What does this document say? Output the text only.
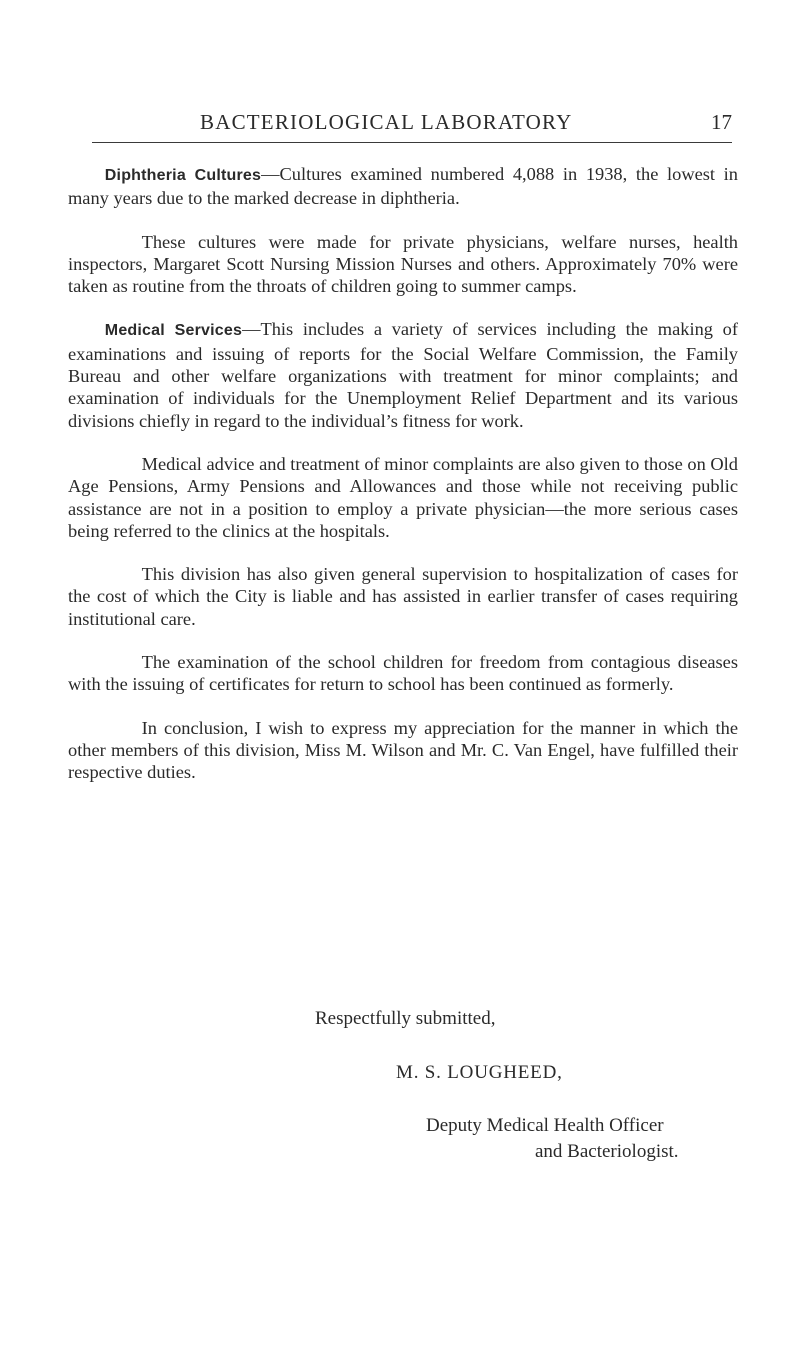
BACTERIOLOGICAL LABORATORY	17

Diphtheria Cultures—Cultures examined numbered 4,088 in 1938, the lowest in many years due to the marked decrease in diphtheria.

These cultures were made for private physicians, welfare nurses, health inspectors, Margaret Scott Nursing Mission Nurses and others. Approximately 70% were taken as routine from the throats of children going to summer camps.

Medical Services—This includes a variety of services including the making of examinations and issuing of reports for the Social Welfare Commission, the Family Bureau and other welfare organizations with treatment for minor complaints; and examination of individuals for the Unemployment Relief Department and its various divisions chiefly in regard to the individual’s fitness for work.

Medical advice and treatment of minor complaints are also given to those on Old Age Pensions, Army Pensions and Allowances and those while not receiving public assistance are not in a position to employ a private physician—the more serious cases being referred to the clinics at the hospitals.

This division has also given general supervision to hospitalization of cases for the cost of which the City is liable and has assisted in earlier transfer of cases requiring institutional care.

The examination of the school children for freedom from contagious diseases with the issuing of certificates for return to school has been continued as formerly.

In conclusion, I wish to express my appreciation for the manner in which the other members of this division, Miss M. Wilson and Mr. C. Van Engel, have fulfilled their respective duties.

Respectfully submitted,
M. S. LOUGHEED,
Deputy Medical Health Officer
and Bacteriologist.
